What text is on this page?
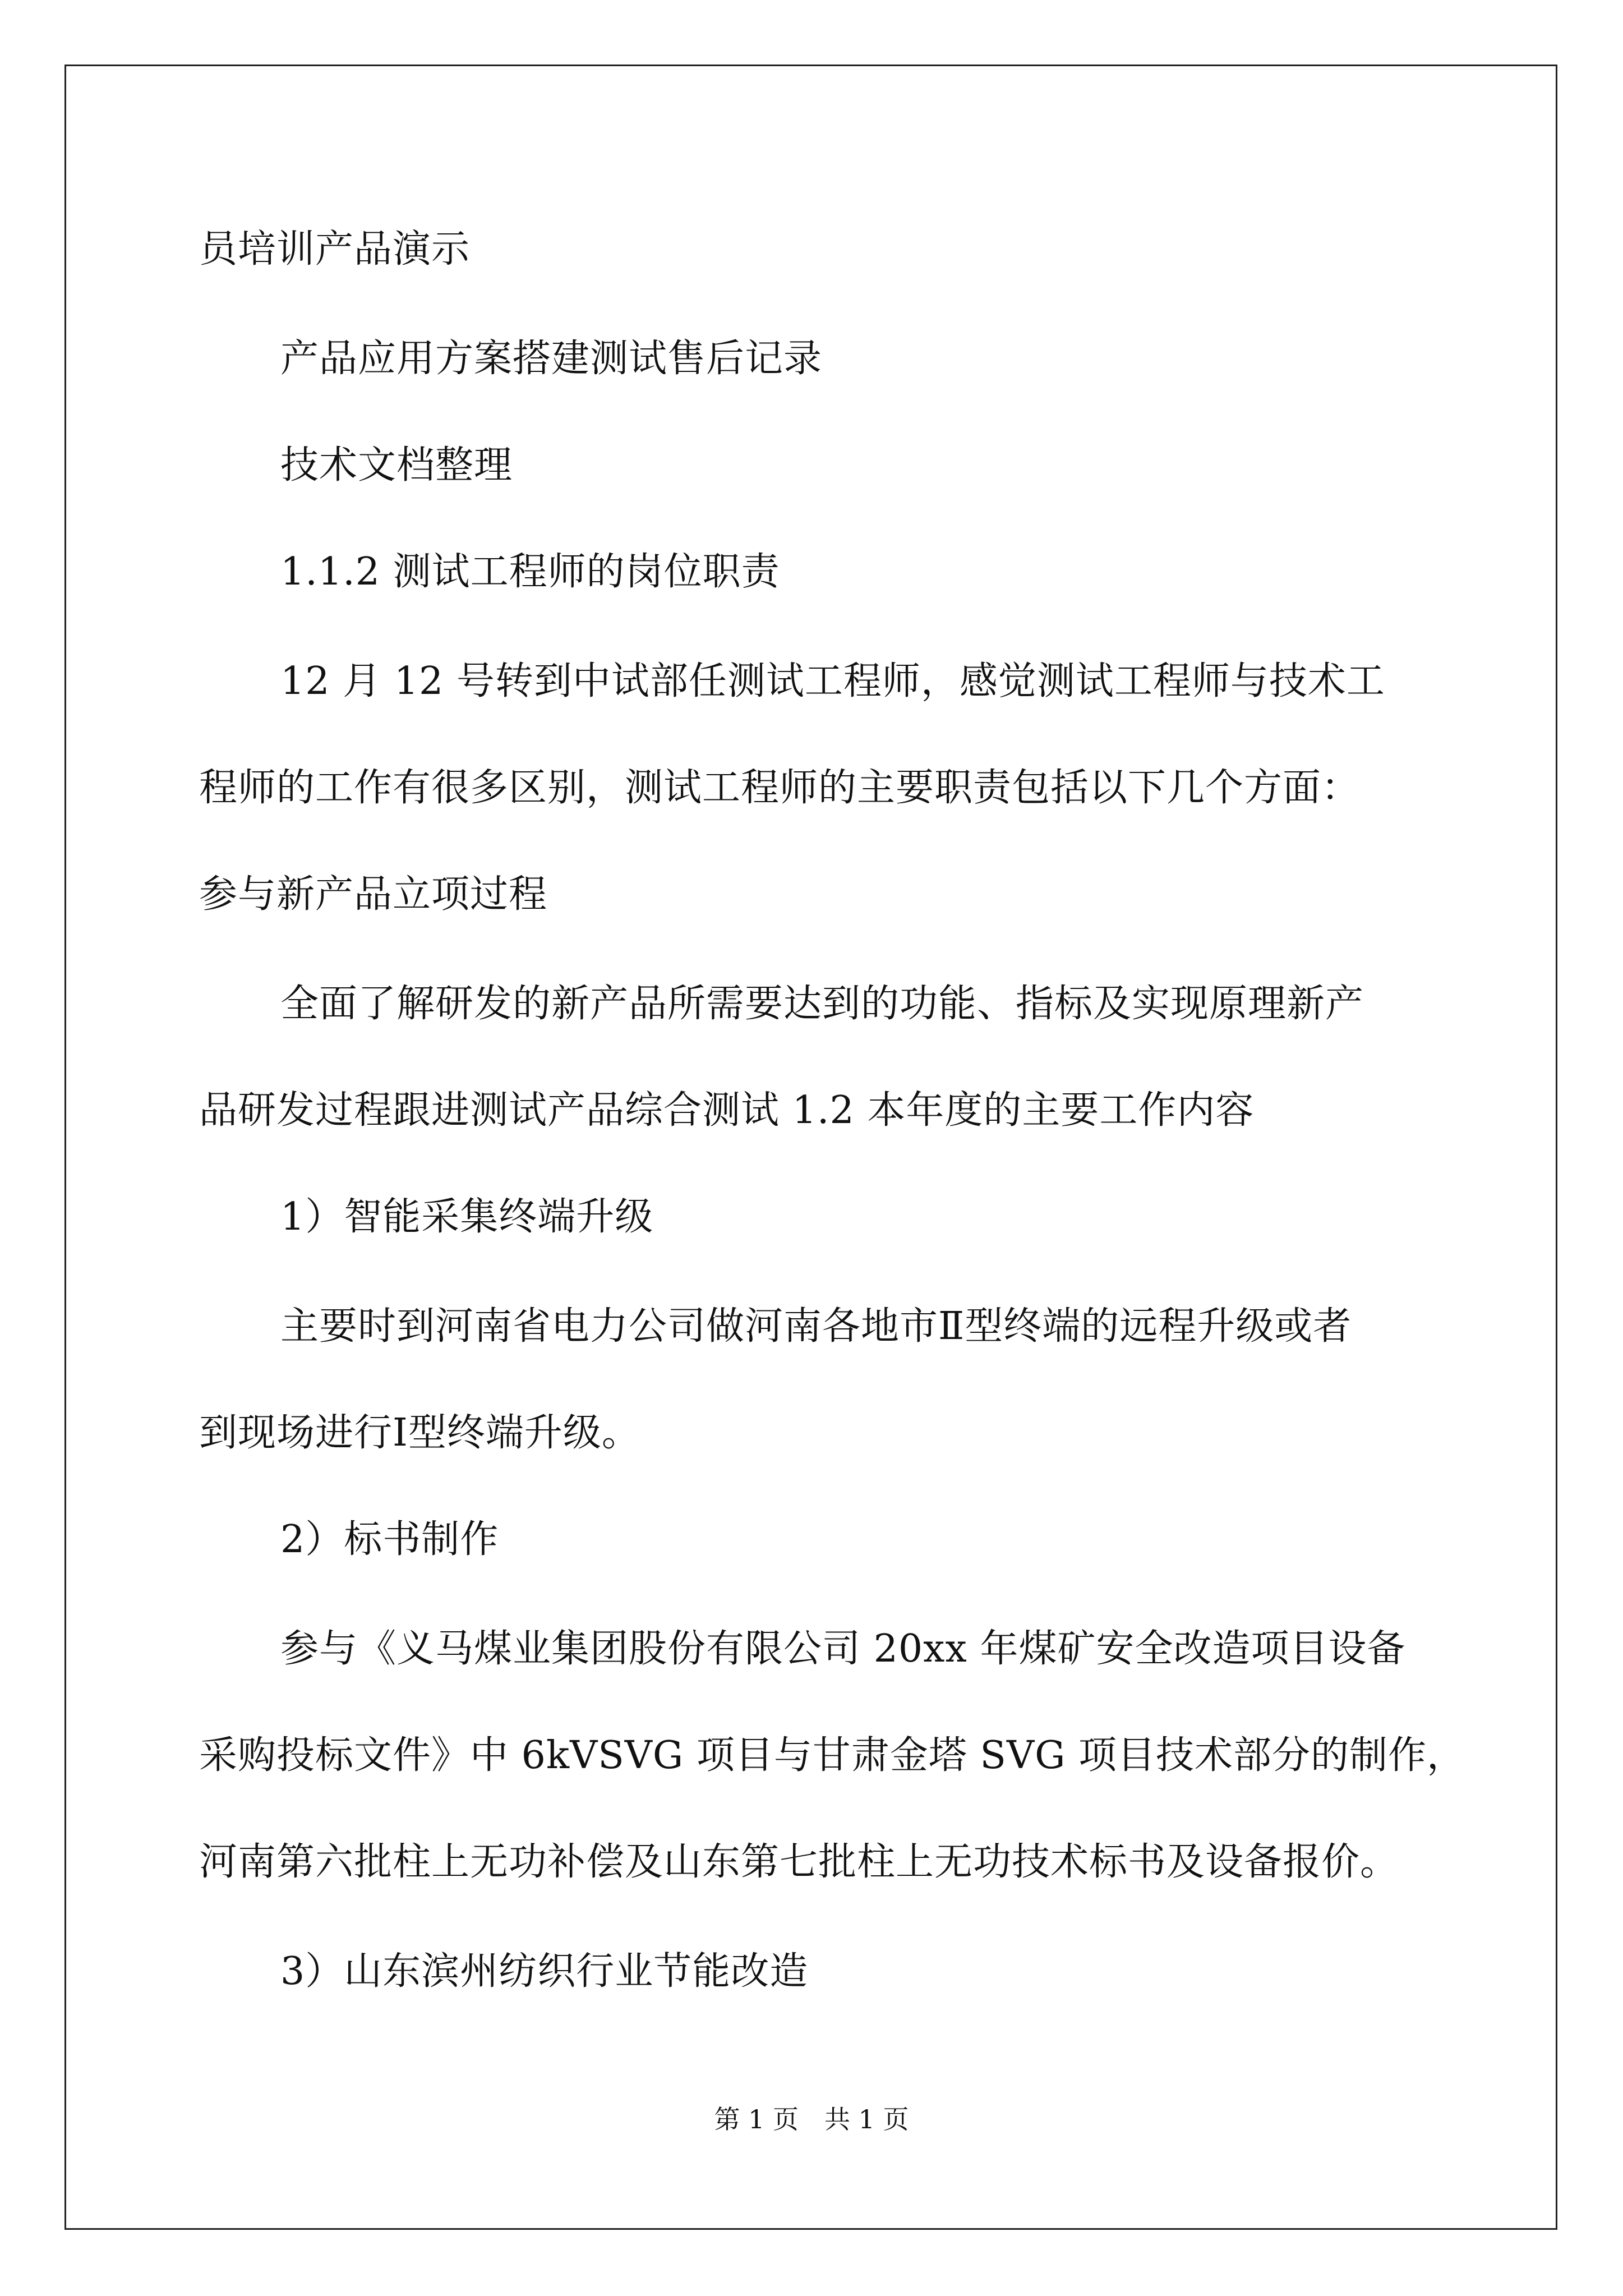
员培训产品演示
产品应用方案搭建测试售后记录
技术文档整理
1.1.2 测试工程师的岗位职责
12 月 12 号转到中试部任测试工程师，感觉测试工程师与技术工
程师的工作有很多区别，测试工程师的主要职责包括以下几个方面：
参与新产品立项过程
全面了解研发的新产品所需要达到的功能、指标及实现原理新产
品研发过程跟进测试产品综合测试 1.2 本年度的主要工作内容
1）智能采集终端升级
主要时到河南省电力公司做河南各地市Ⅱ型终端的远程升级或者
到现场进行Ⅰ型终端升级。
2）标书制作
参与《义马煤业集团股份有限公司 20xx 年煤矿安全改造项目设备
采购投标文件》中 6kVSVG 项目与甘肃金塔 SVG 项目技术部分的制作，
河南第六批柱上无功补偿及山东第七批柱上无功技术标书及设备报价。
3）山东滨州纺织行业节能改造
第 1 页 共 1 页
